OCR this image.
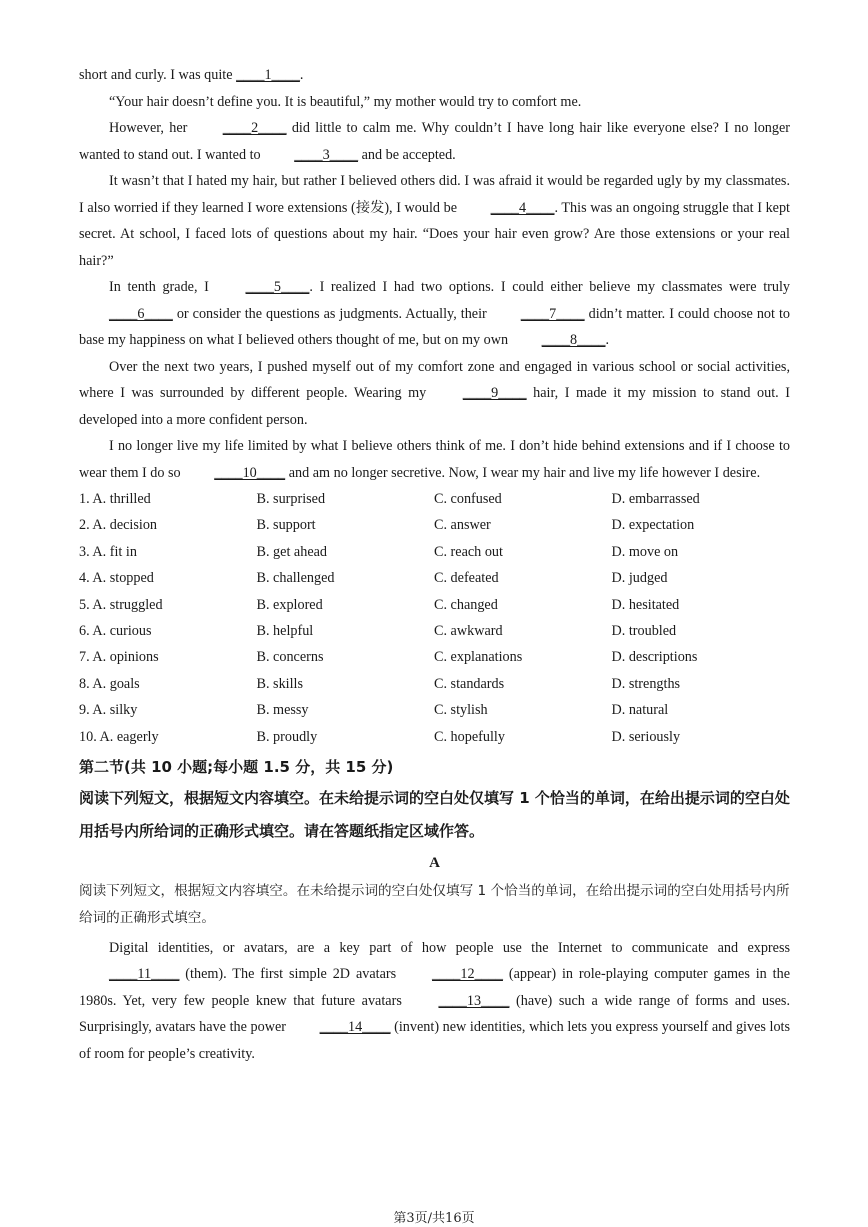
short and curly. I was quite ____1____.

“Your hair doesn’t define you. It is beautiful,” my mother would try to comfort me.

However, her ____2____ did little to calm me. Why couldn’t I have long hair like everyone else? I no longer wanted to stand out. I wanted to ____3____ and be accepted.

It wasn’t that I hated my hair, but rather I believed others did. I was afraid it would be regarded ugly by my classmates. I also worried if they learned I wore extensions (接发), I would be ____4____. This was an ongoing struggle that I kept secret. At school, I faced lots of questions about my hair. “Does your hair even grow? Are those extensions or your real hair?”

In tenth grade, I ____5____. I realized I had two options. I could either believe my classmates were truly ____6____ or consider the questions as judgments. Actually, their ____7____ didn’t matter. I could choose not to base my happiness on what I believed others thought of me, but on my own ____8____.

Over the next two years, I pushed myself out of my comfort zone and engaged in various school or social activities, where I was surrounded by different people. Wearing my ____9____ hair, I made it my mission to stand out. I developed into a more confident person.

I no longer live my life limited by what I believe others think of me. I don’t hide behind extensions and if I choose to wear them I do so ____10____ and am no longer secretive. Now, I wear my hair and live my life however I desire.

1. A. thrilled	B. surprised	C. confused	D. embarrassed
2. A. decision	B. support	C. answer	D. expectation
3. A. fit in	B. get ahead	C. reach out	D. move on
4. A. stopped	B. challenged	C. defeated	D. judged
5. A. struggled	B. explored	C. changed	D. hesitated
6. A. curious	B. helpful	C. awkward	D. troubled
7. A. opinions	B. concerns	C. explanations	D. descriptions
8. A. goals	B. skills	C. standards	D. strengths
9. A. silky	B. messy	C. stylish	D. natural
10. A. eagerly	B. proudly	C. hopefully	D. seriously
第二节(共 10 小题;每小题 1.5 分，共 15 分)
阅读下列短文，根据短文内容填空。在未给提示词的空白处仅填写 1 个恰当的单词，在给出提示词的空白处用括号内所给词的正确形式填空。请在答题纸指定区域作答。
A
阅读下列短文，根据短文内容填空。在未给提示词的空白处仅填写 1 个恰当的单词，在给出提示词的空白处用括号内所给词的正确形式填空。

Digital identities, or avatars, are a key part of how people use the Internet to communicate and express ____11____ (them). The first simple 2D avatars ____12____ (appear) in role-playing computer games in the 1980s. Yet, very few people knew that future avatars ____13____ (have) such a wide range of forms and uses. Surprisingly, avatars have the power ____14____ (invent) new identities, which lets you express yourself and gives lots of room for people’s creativity.

第3页/共16页
